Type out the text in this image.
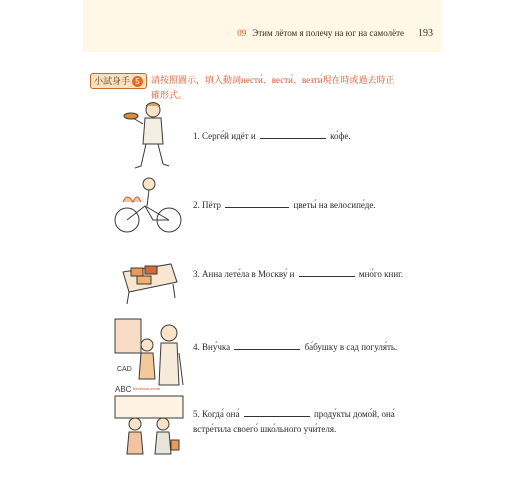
09 Этим лётом я полечу на юг на самолёте 193
小試身手 5	請按照圖示，填入動詞нести́、вести́、везти́現在時或過去時正確形式。
1. Серге́й идёт и	ко́фе.
2. Пётр	цветы́ на велосипе́де.
3. Анна лете́ла в Москву́ и	мно́го книг.
CAD
4. Вну́чка	ба́бушку в сад погуля́ть.
ABC Веселые книги
5. Когда́ она́	проду́кты домо́й, она́
встре́тила своего́ шко́льного учи́теля.
